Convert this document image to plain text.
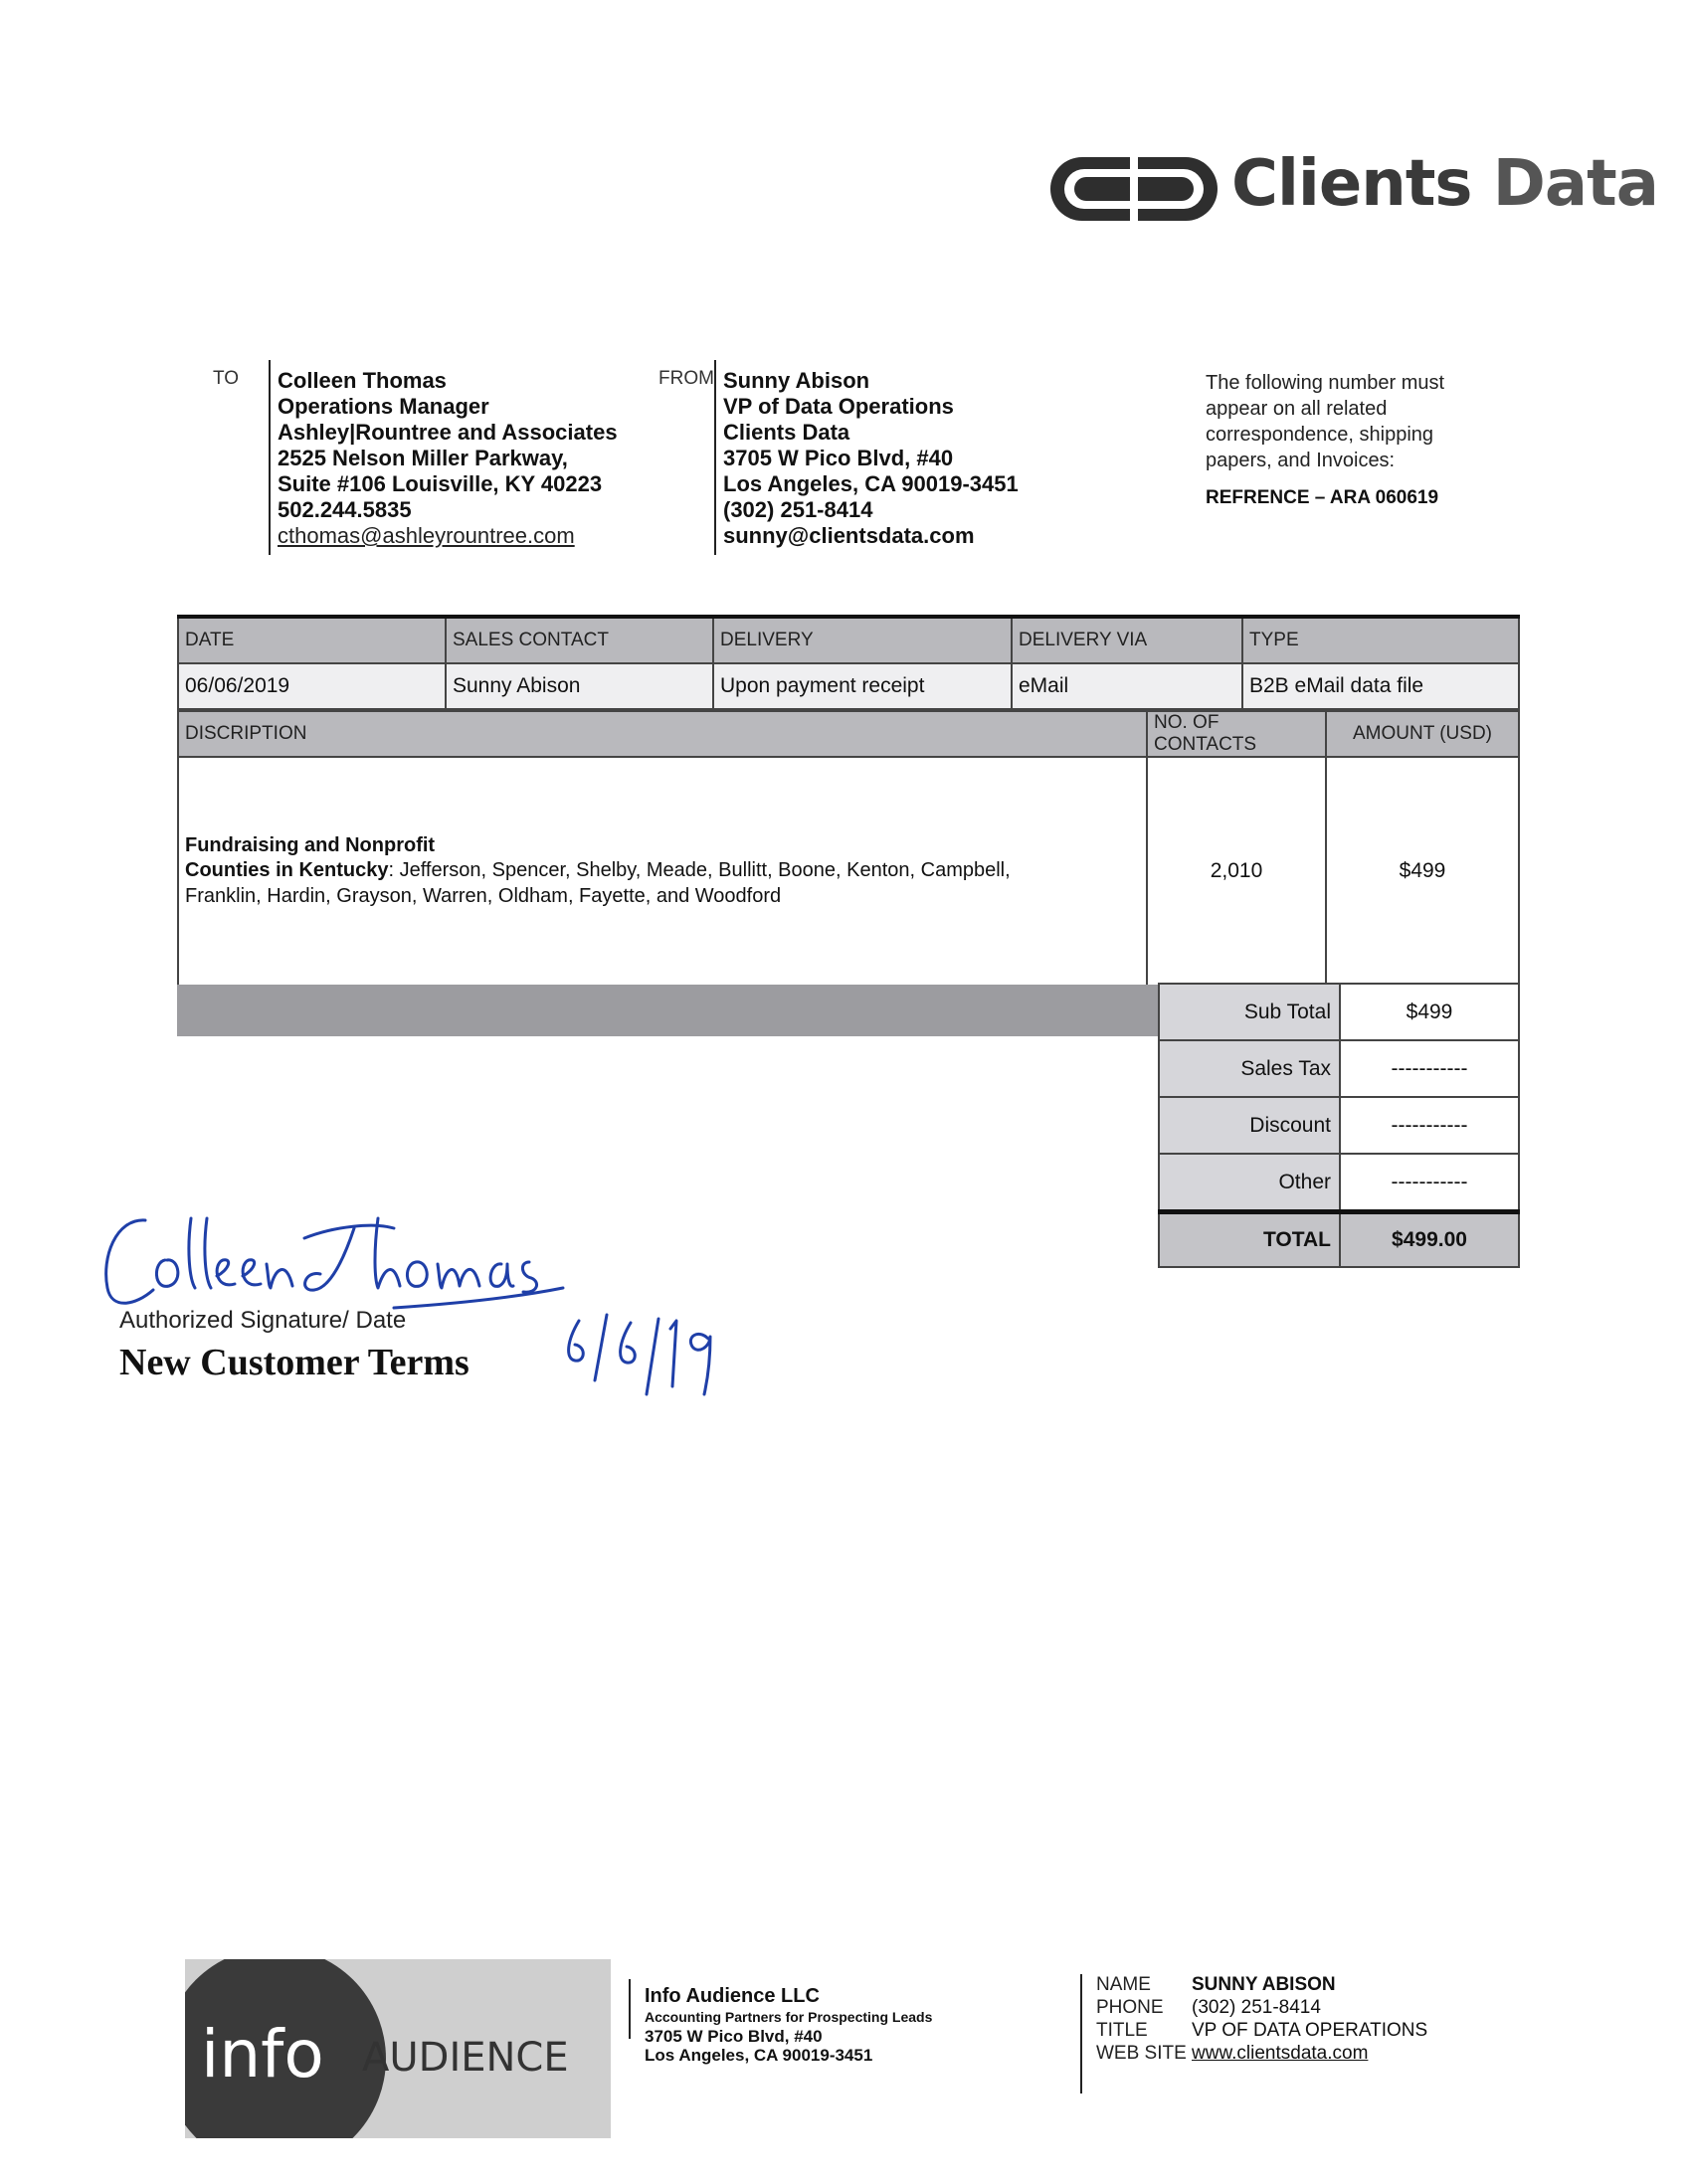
Clients Data
TO Colleen Thomas
Operations Manager
Ashley|Rountree and Associates
2525 Nelson Miller Parkway,
Suite #106 Louisville, KY 40223
502.244.5835
cthomas@ashleyrountree.com
FROM Sunny Abison
VP of Data Operations
Clients Data
3705 W Pico Blvd, #40
Los Angeles, CA 90019-3451
(302) 251-8414
sunny@clientsdata.com
The following number must
appear on all related
correspondence, shipping
papers, and Invoices:
REFRENCE – ARA 060619
DATE	SALES CONTACT	DELIVERY	DELIVERY VIA	TYPE
06/06/2019	Sunny Abison	Upon payment receipt	eMail	B2B eMail data file
DISCRIPTION	NO. OF CONTACTS	AMOUNT (USD)

Fundraising and Nonprofit
Counties in Kentucky: Jefferson, Spencer, Shelby, Meade, Bullitt, Boone, Kenton, Campbell,
Franklin, Hardin, Grayson, Warren, Oldham, Fayette, and Woodford	2,010	$499
Sub Total	$499
Sales Tax	-----------
Discount	-----------
Other	-----------
TOTAL	$499.00
Authorized Signature/ Date
New Customer Terms
info AUDIENCE
Info Audience LLC
Accounting Partners for Prospecting Leads
3705 W Pico Blvd, #40
Los Angeles, CA 90019-3451
NAME SUNNY ABISON
PHONE (302) 251-8414
TITLE VP OF DATA OPERATIONS
WEB SITE www.clientsdata.com
